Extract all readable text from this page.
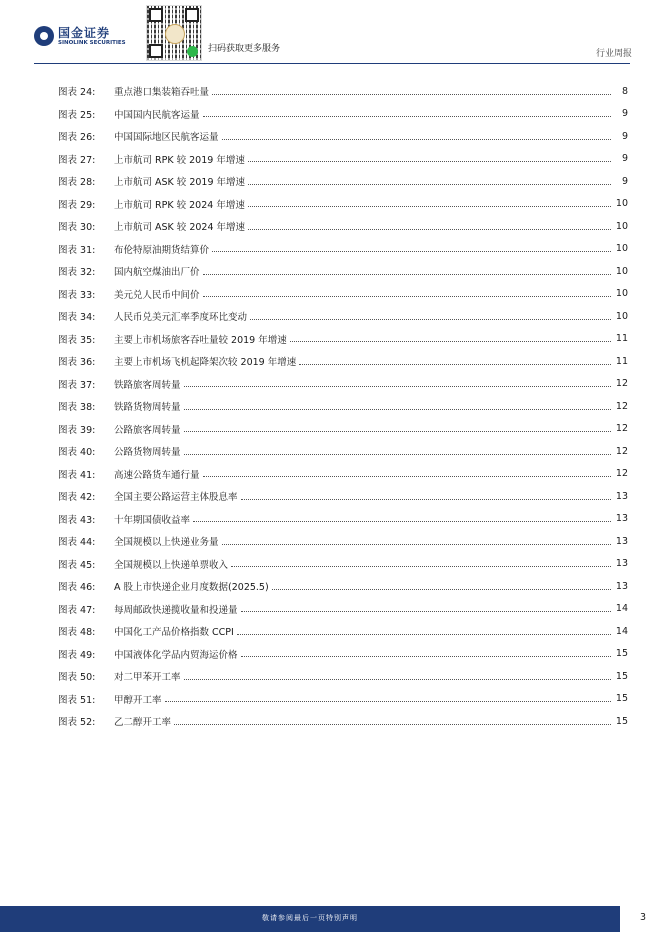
国金证券
SINOLINK SECURITIES
扫码获取更多服务	行业周报
图表 24:	重点港口集装箱吞吐量	8
图表 25:	中国国内民航客运量	9
图表 26:	中国国际地区民航客运量	9
图表 27:	上市航司 RPK 较 2019 年增速	9
图表 28:	上市航司 ASK 较 2019 年增速	9
图表 29:	上市航司 RPK 较 2024 年增速	10
图表 30:	上市航司 ASK 较 2024 年增速	10
图表 31:	布伦特原油期货结算价	10
图表 32:	国内航空煤油出厂价	10
图表 33:	美元兑人民币中间价	10
图表 34:	人民币兑美元汇率季度环比变动	10
图表 35:	主要上市机场旅客吞吐量较 2019 年增速	11
图表 36:	主要上市机场飞机起降架次较 2019 年增速	11
图表 37:	铁路旅客周转量	12
图表 38:	铁路货物周转量	12
图表 39:	公路旅客周转量	12
图表 40:	公路货物周转量	12
图表 41:	高速公路货车通行量	12
图表 42:	全国主要公路运营主体股息率	13
图表 43:	十年期国债收益率	13
图表 44:	全国规模以上快递业务量	13
图表 45:	全国规模以上快递单票收入	13
图表 46:	A 股上市快递企业月度数据(2025.5)	13
图表 47:	每周邮政快递揽收量和投递量	14
图表 48:	中国化工产品价格指数 CCPI	14
图表 49:	中国液体化学品内贸海运价格	15
图表 50:	对二甲苯开工率	15
图表 51:	甲醇开工率	15
图表 52:	乙二醇开工率	15
敬请参阅最后一页特别声明	3
